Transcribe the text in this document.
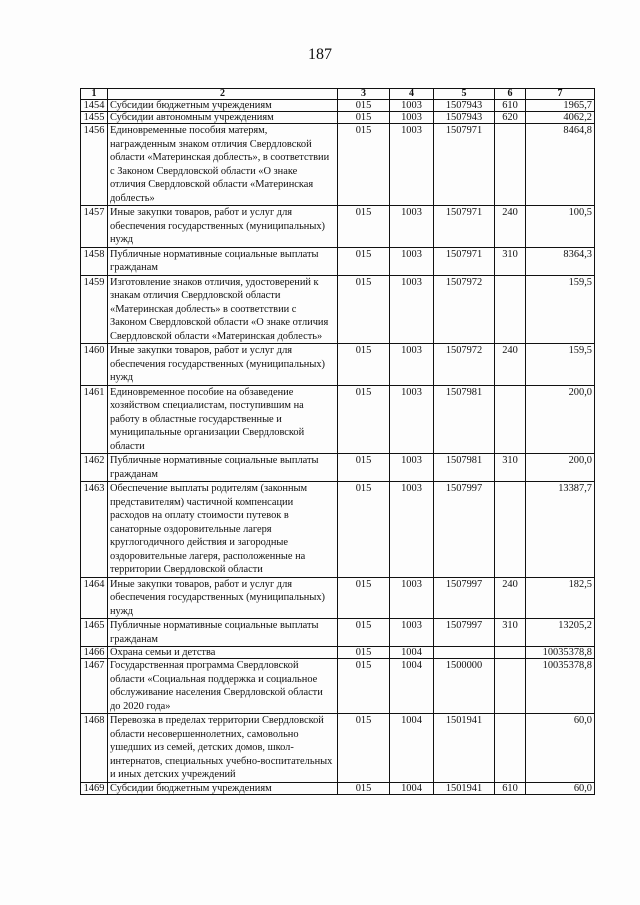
187
1	2	3	4	5	6	7
1454	Субсидии бюджетным учреждениям	015	1003	1507943	610	1965,7
1455	Субсидии автономным учреждениям	015	1003	1507943	620	4062,2
1456	Единовременные пособия матерям, награжденным знаком отличия Свердловской области «Материнская доблесть», в соответствии с Законом Свердловской области «О знаке отличия Свердловской области «Материнская доблесть»	015	1003	1507971		8464,8
1457	Иные закупки товаров, работ и услуг для обеспечения государственных (муниципальных) нужд	015	1003	1507971	240	100,5
1458	Публичные нормативные социальные выплаты гражданам	015	1003	1507971	310	8364,3
1459	Изготовление знаков отличия, удостоверений к знакам отличия Свердловской области «Материнская доблесть» в соответствии с Законом Свердловской области «О знаке отличия Свердловской области «Материнская доблесть»	015	1003	1507972		159,5
1460	Иные закупки товаров, работ и услуг для обеспечения государственных (муниципальных) нужд	015	1003	1507972	240	159,5
1461	Единовременное пособие на обзаведение хозяйством специалистам, поступившим на работу в областные государственные и муниципальные организации Свердловской области	015	1003	1507981		200,0
1462	Публичные нормативные социальные выплаты гражданам	015	1003	1507981	310	200,0
1463	Обеспечение выплаты родителям (законным представителям) частичной компенсации расходов на оплату стоимости путевок в санаторные оздоровительные лагеря круглогодичного действия и загородные оздоровительные лагеря, расположенные на территории Свердловской области	015	1003	1507997		13387,7
1464	Иные закупки товаров, работ и услуг для обеспечения государственных (муниципальных) нужд	015	1003	1507997	240	182,5
1465	Публичные нормативные социальные выплаты гражданам	015	1003	1507997	310	13205,2
1466	Охрана семьи и детства	015	1004			10035378,8
1467	Государственная программа Свердловской области «Социальная поддержка и социальное обслуживание населения Свердловской области до 2020 года»	015	1004	1500000		10035378,8
1468	Перевозка в пределах территории Свердловской области несовершеннолетних, самовольно ушедших из семей, детских домов, школ-интернатов, специальных учебно-воспитательных и иных детских учреждений	015	1004	1501941		60,0
1469	Субсидии бюджетным учреждениям	015	1004	1501941	610	60,0
